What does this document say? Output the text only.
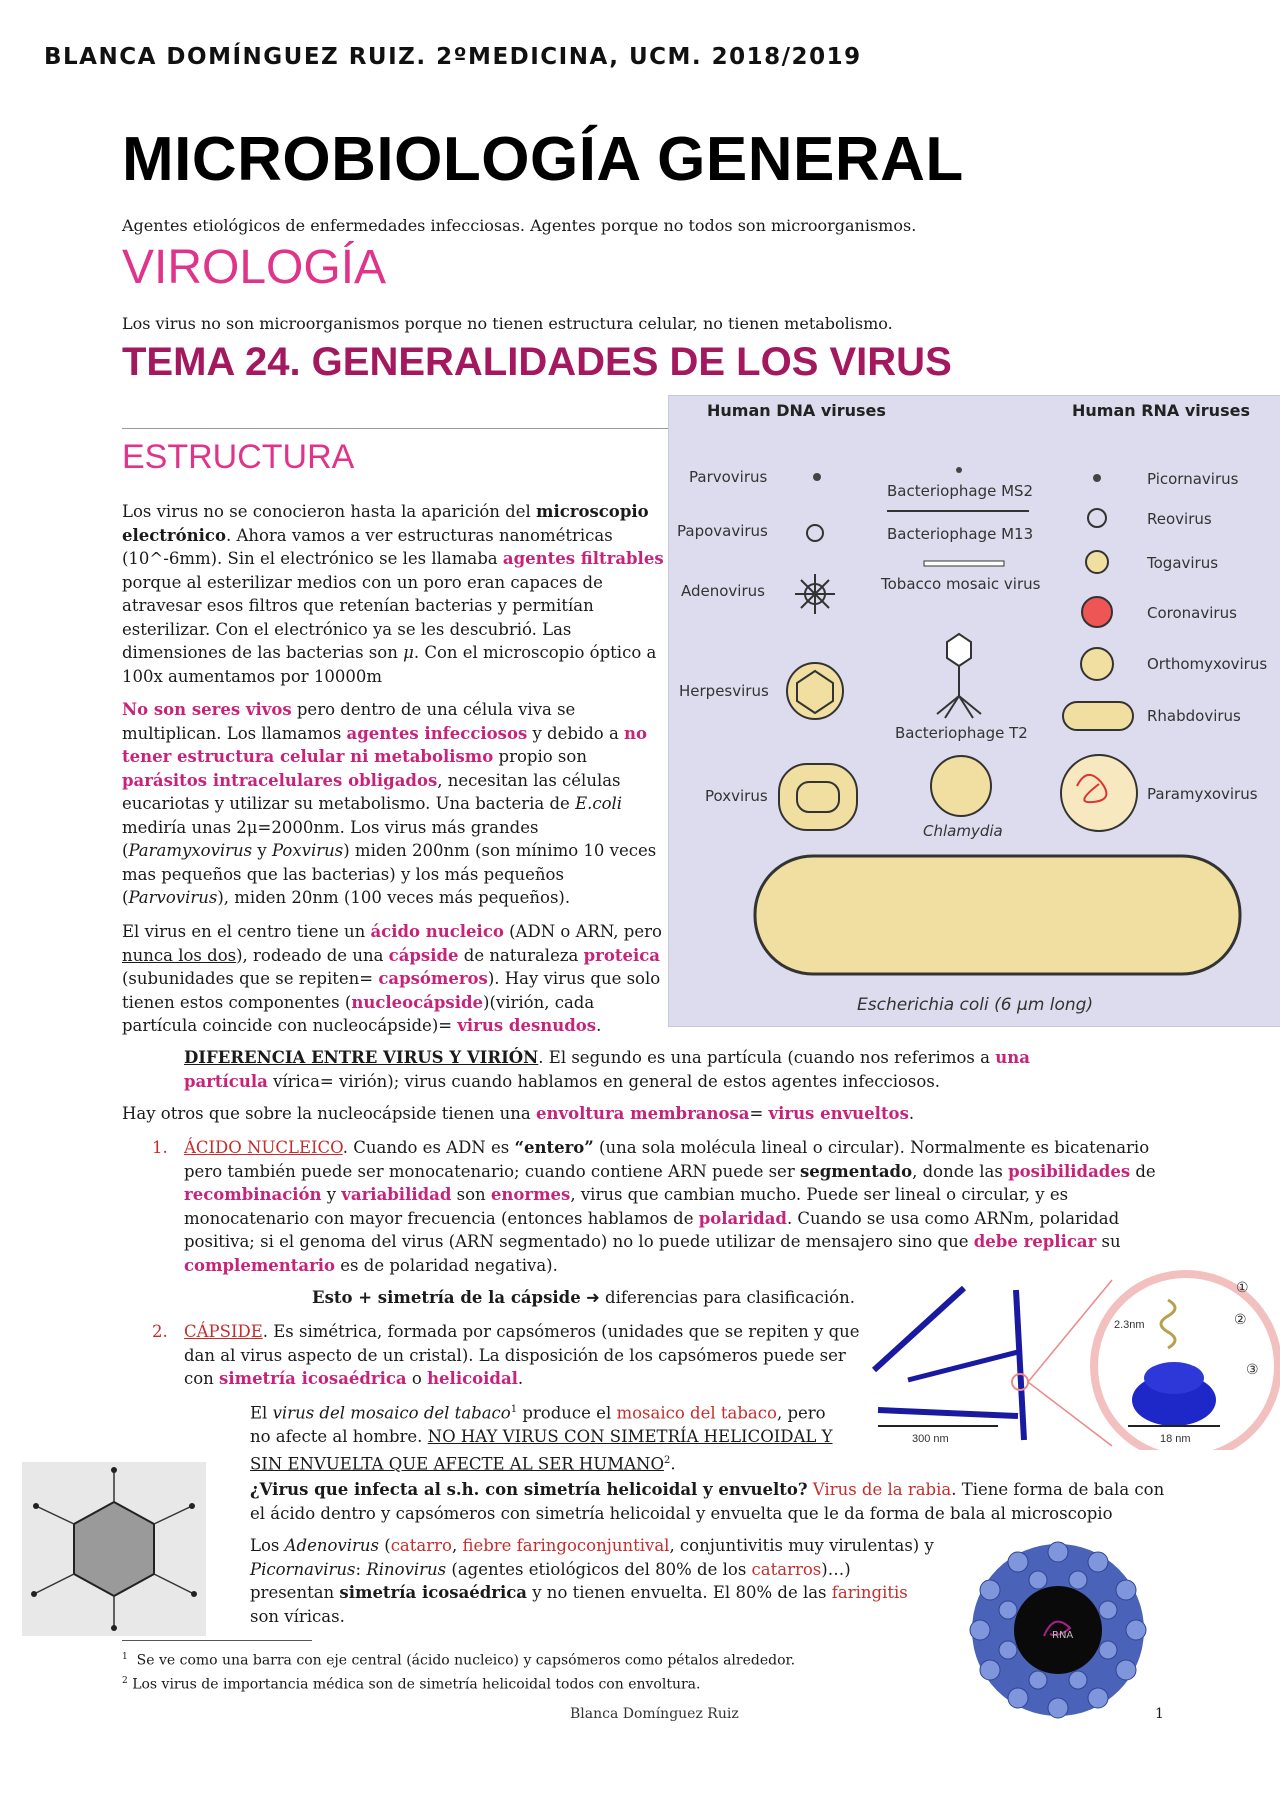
BLANCA DOMÍNGUEZ RUIZ. 2ºMEDICINA, UCM. 2018/2019
MICROBIOLOGÍA GENERAL
Agentes etiológicos de enfermedades infecciosas. Agentes porque no todos son microorganismos.
VIROLOGÍA
Los virus no son microorganismos porque no tienen estructura celular, no tienen metabolismo.
TEMA 24. GENERALIDADES DE LOS VIRUS
ESTRUCTURA
Los virus no se conocieron hasta la aparición del microscopio electrónico. Ahora vamos a ver estructuras nanométricas (10^-6mm). Sin el electrónico se les llamaba agentes filtrables porque al esterilizar medios con un poro eran capaces de atravesar esos filtros que retenían bacterias y permitían esterilizar. Con el electrónico ya se les descubrió. Las dimensiones de las bacterias son μ. Con el microscopio óptico a 100x aumentamos por 10000m
No son seres vivos pero dentro de una célula viva se multiplican. Los llamamos agentes infecciosos y debido a no tener estructura celular ni metabolismo propio son parásitos intracelulares obligados, necesitan las células eucariotas y utilizar su metabolismo. Una bacteria de E.coli mediría unas 2μ=2000nm. Los virus más grandes (Paramyxovirus y Poxvirus) miden 200nm (son mínimo 10 veces mas pequeños que las bacterias) y los más pequeños (Parvovirus), miden 20nm (100 veces más pequeños).
El virus en el centro tiene un ácido nucleico (ADN o ARN, pero nunca los dos), rodeado de una cápside de naturaleza proteica (subunidades que se repiten= capsómeros). Hay virus que solo tienen estos componentes (nucleocápside)(virión, cada partícula coincide con nucleocápside)= virus desnudos.
Human DNA viruses	Human RNA viruses
Parvovirus
Papovavirus
Adenovirus
Herpesvirus
Poxvirus
Bacteriophage MS2
Bacteriophage M13
Tobacco mosaic virus
Bacteriophage T2
Chlamydia
Picornavirus
Reovirus
Togavirus
Coronavirus
Orthomyxovirus
Rhabdovirus
Paramyxovirus
Escherichia coli (6 μm long)
DIFERENCIA ENTRE VIRUS Y VIRIÓN. El segundo es una partícula (cuando nos referimos a una partícula vírica= virión); virus cuando hablamos en general de estos agentes infecciosos.
Hay otros que sobre la nucleocápside tienen una envoltura membranosa= virus envueltos.
1. ÁCIDO NUCLEICO. Cuando es ADN es “entero” (una sola molécula lineal o circular). Normalmente es bicatenario pero también puede ser monocatenario; cuando contiene ARN puede ser segmentado, donde las posibilidades de recombinación y variabilidad son enormes, virus que cambian mucho. Puede ser lineal o circular, y es monocatenario con mayor frecuencia (entonces hablamos de polaridad. Cuando se usa como ARNm, polaridad positiva; si el genoma del virus (ARN segmentado) no lo puede utilizar de mensajero sino que debe replicar su complementario es de polaridad negativa).
Esto + simetría de la cápside ➜ diferencias para clasificación.
2. CÁPSIDE. Es simétrica, formada por capsómeros (unidades que se repiten y que dan al virus aspecto de un cristal). La disposición de los capsómeros puede ser con simetría icosaédrica o helicoidal.
2.3nm
①
②
③
300 nm	18 nm
El virus del mosaico del tabaco$^1$ produce el mosaico del tabaco, pero no afecte al hombre. NO HAY VIRUS CON SIMETRÍA HELICOIDAL Y SIN ENVUELTA QUE AFECTE AL SER HUMANO$^2$.
¿Virus que infecta al s.h. con simetría helicoidal y envuelto? Virus de la rabia. Tiene forma de bala con el ácido dentro y capsómeros con simetría helicoidal y envuelta que le da forma de bala al microscopio
Los Adenovirus (catarro, fiebre faringoconjuntival, conjuntivitis muy virulentas) y Picornavirus: Rinovirus (agentes etiológicos del 80% de los catarros)…) presentan simetría icosaédrica y no tienen envuelta. El 80% de las faringitis son víricas.
RNA
$^1$ Se ve como una barra con eje central (ácido nucleico) y capsómeros como pétalos alrededor.
$^2$ Los virus de importancia médica son de simetría helicoidal todos con envoltura.
Blanca Domínguez Ruiz	1
